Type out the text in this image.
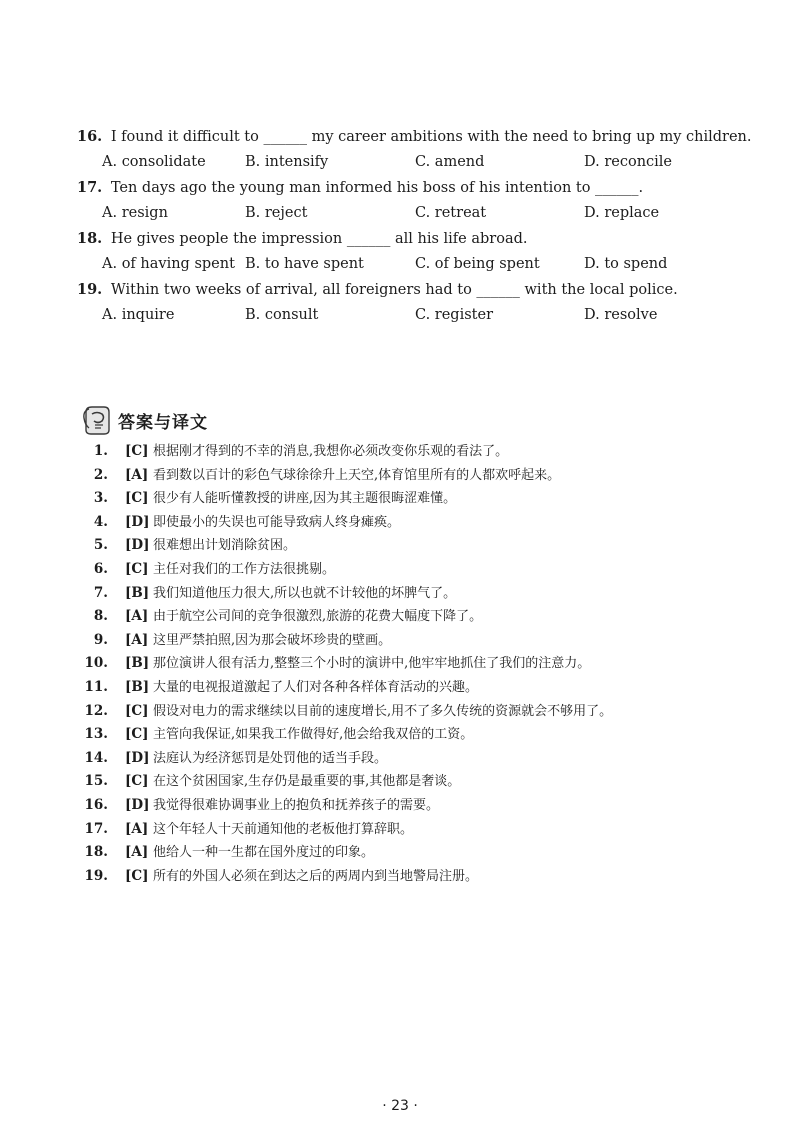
16. I found it difficult to ______ my career ambitions with the need to bring up my children.
A. consolidate	B. intensify	C. amend	D. reconcile
17. Ten days ago the young man informed his boss of his intention to ______.
A. resign	B. reject	C. retreat	D. replace
18. He gives people the impression ______ all his life abroad.
A. of having spent B. to have spent	C. of being spent	D. to spend
19. Within two weeks of arrival, all foreigners had to ______ with the local police.
A. inquire	B. consult	C. register	D. resolve
答案与译文
1. [C] 根据刚才得到的不幸的消息,我想你必须改变你乐观的看法了。
2. [A] 看到数以百计的彩色气球徐徐升上天空,体育馆里所有的人都欢呼起来。
3. [C] 很少有人能听懂教授的讲座,因为其主题很晦涩难懂。
4. [D] 即使最小的失误也可能导致病人终身瘫痪。
5. [D] 很难想出计划消除贫困。
6. [C] 主任对我们的工作方法很挑剔。
7. [B] 我们知道他压力很大,所以也就不计较他的坏脾气了。
8. [A] 由于航空公司间的竞争很激烈,旅游的花费大幅度下降了。
9. [A] 这里严禁拍照,因为那会破坏珍贵的壁画。
10. [B] 那位演讲人很有活力,整整三个小时的演讲中,他牢牢地抓住了我们的注意力。
11. [B] 大量的电视报道激起了人们对各种各样体育活动的兴趣。
12. [C] 假设对电力的需求继续以目前的速度增长,用不了多久传统的资源就会不够用了。
13. [C] 主管向我保证,如果我工作做得好,他会给我双倍的工资。
14. [D] 法庭认为经济惩罚是处罚他的适当手段。
15. [C] 在这个贫困国家,生存仍是最重要的事,其他都是奢谈。
16. [D] 我觉得很难协调事业上的抱负和抚养孩子的需要。
17. [A] 这个年轻人十天前通知他的老板他打算辞职。
18. [A] 他给人一种一生都在国外度过的印象。
19. [C] 所有的外国人必须在到达之后的两周内到当地警局注册。
· 23 ·
